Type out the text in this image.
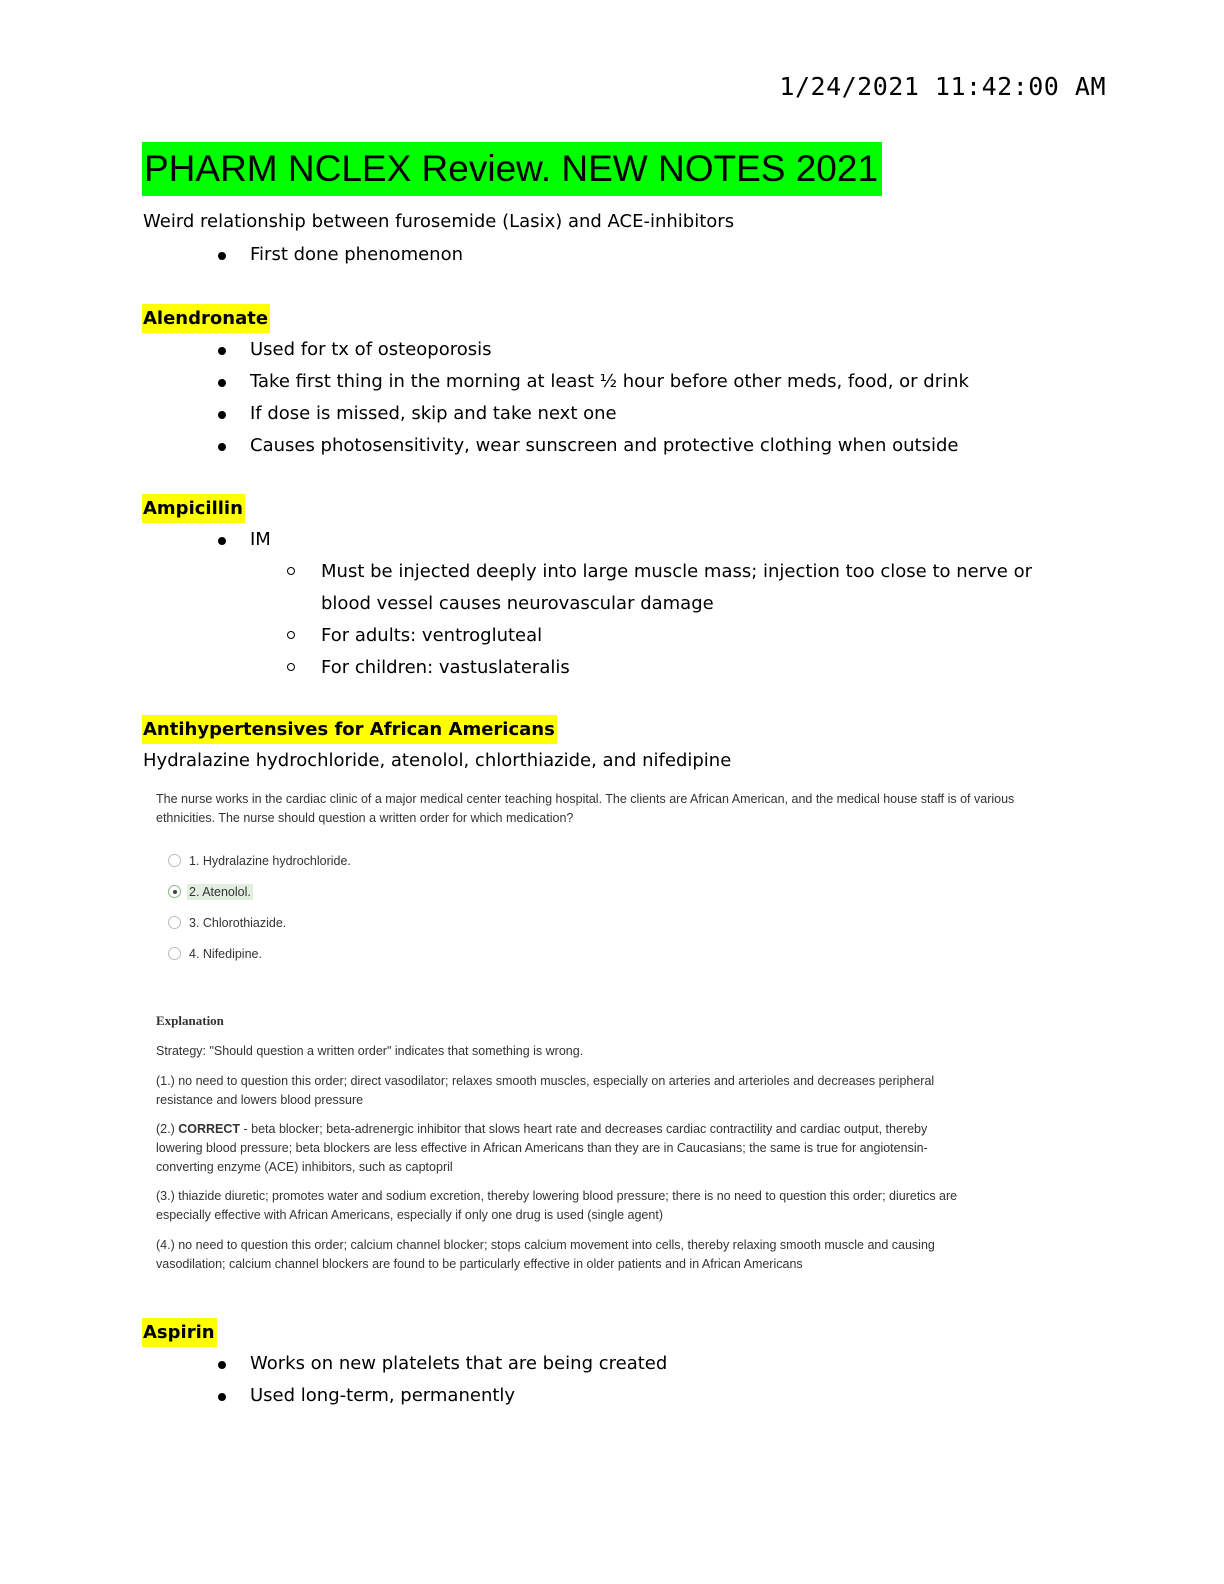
1/24/2021 11:42:00 AM
PHARM NCLEX Review. NEW NOTES 2021
Weird relationship between furosemide (Lasix) and ACE-inhibitors
First done phenomenon
Alendronate
Used for tx of osteoporosis
Take first thing in the morning at least ½ hour before other meds, food, or drink
If dose is missed, skip and take next one
Causes photosensitivity, wear sunscreen and protective clothing when outside
Ampicillin
IM
Must be injected deeply into large muscle mass; injection too close to nerve or
blood vessel causes neurovascular damage
For adults: ventrogluteal
For children: vastuslateralis
Antihypertensives for African Americans
Hydralazine hydrochloride, atenolol, chlorthiazide, and nifedipine
The nurse works in the cardiac clinic of a major medical center teaching hospital. The clients are African American, and the medical house staff is of various
ethnicities. The nurse should question a written order for which medication?
1. Hydralazine hydrochloride.
2. Atenolol.
3. Chlorothiazide.
4. Nifedipine.
Explanation
Strategy: "Should question a written order" indicates that something is wrong.
(1.) no need to question this order; direct vasodilator; relaxes smooth muscles, especially on arteries and arterioles and decreases peripheral
resistance and lowers blood pressure
(2.) CORRECT - beta blocker; beta-adrenergic inhibitor that slows heart rate and decreases cardiac contractility and cardiac output, thereby
lowering blood pressure; beta blockers are less effective in African Americans than they are in Caucasians; the same is true for angiotensin-
converting enzyme (ACE) inhibitors, such as captopril
(3.) thiazide diuretic; promotes water and sodium excretion, thereby lowering blood pressure; there is no need to question this order; diuretics are
especially effective with African Americans, especially if only one drug is used (single agent)
(4.) no need to question this order; calcium channel blocker; stops calcium movement into cells, thereby relaxing smooth muscle and causing
vasodilation; calcium channel blockers are found to be particularly effective in older patients and in African Americans
Aspirin
Works on new platelets that are being created
Used long-term, permanently
